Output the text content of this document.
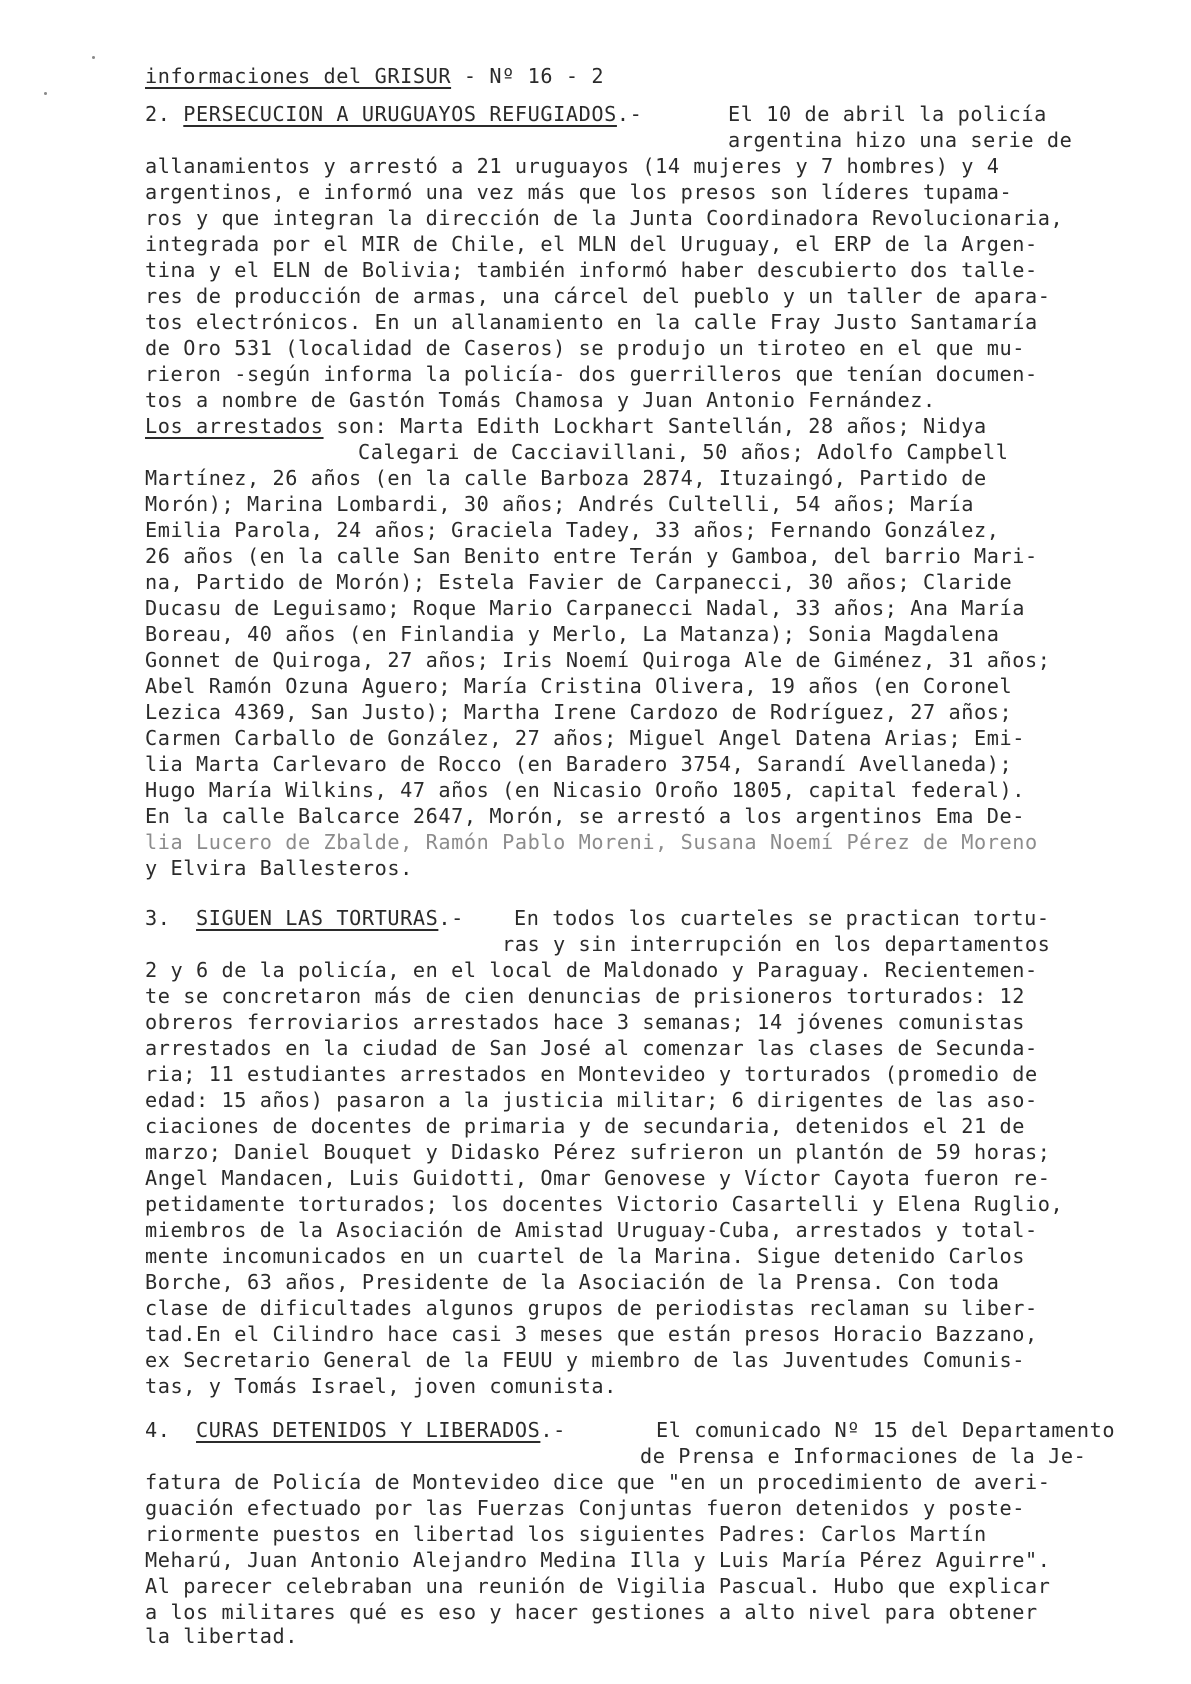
informaciones del GRISUR - Nº 16 - 2
2. PERSECUCION A URUGUAYOS REFUGIADOS.-	El 10 de abril la policía
argentina hizo una serie de
allanamientos y arrestó a 21 uruguayos (14 mujeres y 7 hombres) y 4
argentinos, e informó una vez más que los presos son líderes tupama-
ros y que integran la dirección de la Junta Coordinadora Revolucionaria,
integrada por el MIR de Chile, el MLN del Uruguay, el ERP de la Argen-
tina y el ELN de Bolivia; también informó haber descubierto dos talle-
res de producción de armas, una cárcel del pueblo y un taller de apara-
tos electrónicos. En un allanamiento en la calle Fray Justo Santamaría
de Oro 531 (localidad de Caseros) se produjo un tiroteo en el que mu-
rieron -según informa la policía- dos guerrilleros que tenían documen-
tos a nombre de Gastón Tomás Chamosa y Juan Antonio Fernández.
Los arrestados son: Marta Edith Lockhart Santellán, 28 años; Nidya
Calegari de Cacciavillani, 50 años; Adolfo Campbell
Martínez, 26 años (en la calle Barboza 2874, Ituzaingó, Partido de
Morón); Marina Lombardi, 30 años; Andrés Cultelli, 54 años; María
Emilia Parola, 24 años; Graciela Tadey, 33 años; Fernando González,
26 años (en la calle San Benito entre Terán y Gamboa, del barrio Mari-
na, Partido de Morón); Estela Favier de Carpanecci, 30 años; Claride
Ducasu de Leguisamo; Roque Mario Carpanecci Nadal, 33 años; Ana María
Boreau, 40 años (en Finlandia y Merlo, La Matanza); Sonia Magdalena
Gonnet de Quiroga, 27 años; Iris Noemí Quiroga Ale de Giménez, 31 años;
Abel Ramón Ozuna Aguero; María Cristina Olivera, 19 años (en Coronel
Lezica 4369, San Justo); Martha Irene Cardozo de Rodríguez, 27 años;
Carmen Carballo de González, 27 años; Miguel Angel Datena Arias; Emi-
lia Marta Carlevaro de Rocco (en Baradero 3754, Sarandí Avellaneda);
Hugo María Wilkins, 47 años (en Nicasio Oroño 1805, capital federal).
En la calle Balcarce 2647, Morón, se arrestó a los argentinos Ema De-
lia Lucero de Zbalde, Ramón Pablo Moreni, Susana Noemí Pérez de Moreno
y Elvira Ballesteros.
3. SIGUEN LAS TORTURAS.- En todos los cuarteles se practican tortu-
ras y sin interrupción en los departamentos
2 y 6 de la policía, en el local de Maldonado y Paraguay. Recientemen-
te se concretaron más de cien denuncias de prisioneros torturados: 12
obreros ferroviarios arrestados hace 3 semanas; 14 jóvenes comunistas
arrestados en la ciudad de San José al comenzar las clases de Secunda-
ria; 11 estudiantes arrestados en Montevideo y torturados (promedio de
edad: 15 años) pasaron a la justicia militar; 6 dirigentes de las aso-
ciaciones de docentes de primaria y de secundaria, detenidos el 21 de
marzo; Daniel Bouquet y Didasko Pérez sufrieron un plantón de 59 horas;
Angel Mandacen, Luis Guidotti, Omar Genovese y Víctor Cayota fueron re-
petidamente torturados; los docentes Victorio Casartelli y Elena Ruglio,
miembros de la Asociación de Amistad Uruguay-Cuba, arrestados y total-
mente incomunicados en un cuartel de la Marina. Sigue detenido Carlos
Borche, 63 años, Presidente de la Asociación de la Prensa. Con toda
clase de dificultades algunos grupos de periodistas reclaman su liber-
tad.En el Cilindro hace casi 3 meses que están presos Horacio Bazzano,
ex Secretario General de la FEUU y miembro de las Juventudes Comunis-
tas, y Tomás Israel, joven comunista.
4. CURAS DETENIDOS Y LIBERADOS.-	El comunicado Nº 15 del Departamento
de Prensa e Informaciones de la Je-
fatura de Policía de Montevideo dice que "en un procedimiento de averi-
guación efectuado por las Fuerzas Conjuntas fueron detenidos y poste-
riormente puestos en libertad los siguientes Padres: Carlos Martín
Meharú, Juan Antonio Alejandro Medina Illa y Luis María Pérez Aguirre".
Al parecer celebraban una reunión de Vigilia Pascual. Hubo que explicar
a los militares qué es eso y hacer gestiones a alto nivel para obtener
la libertad.
